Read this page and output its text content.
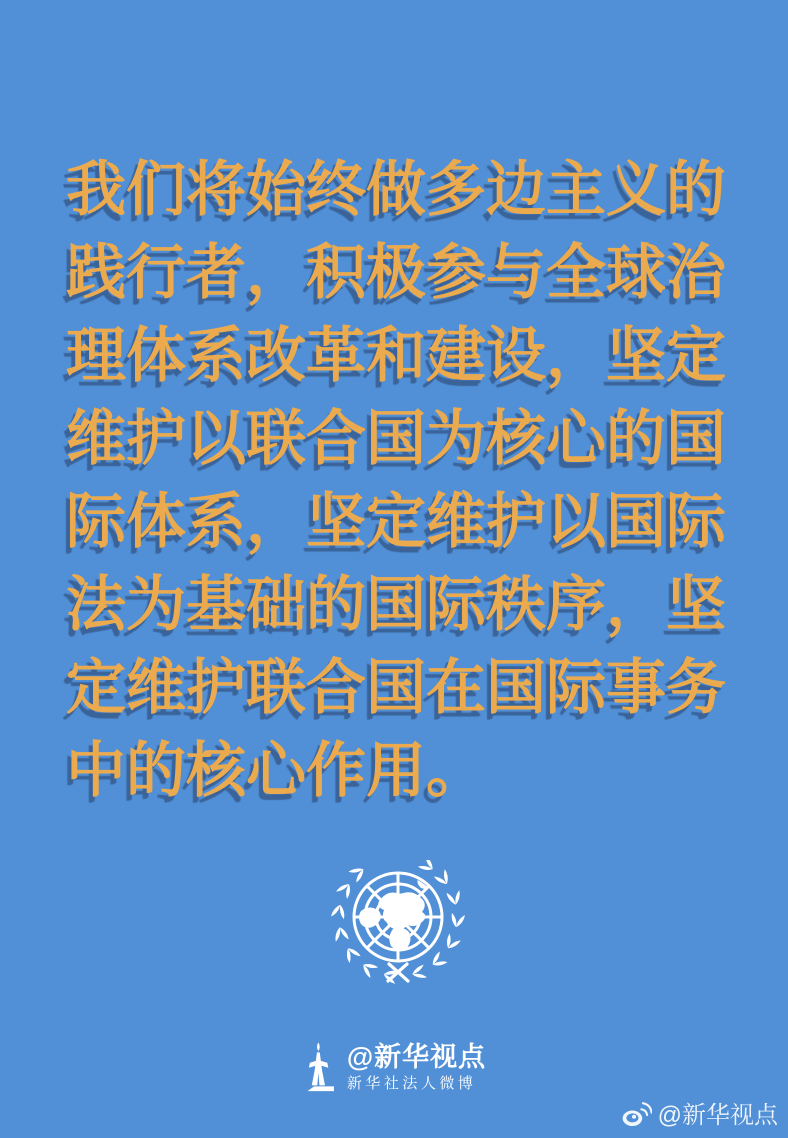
我们将始终做多边主义的
践行者，积极参与全球治
理体系改革和建设，坚定
维护以联合国为核心的国
际体系，坚定维护以国际
法为基础的国际秩序，坚
定维护联合国在国际事务
中的核心作用。
@新华视点
新华社法人微博
@新华视点
